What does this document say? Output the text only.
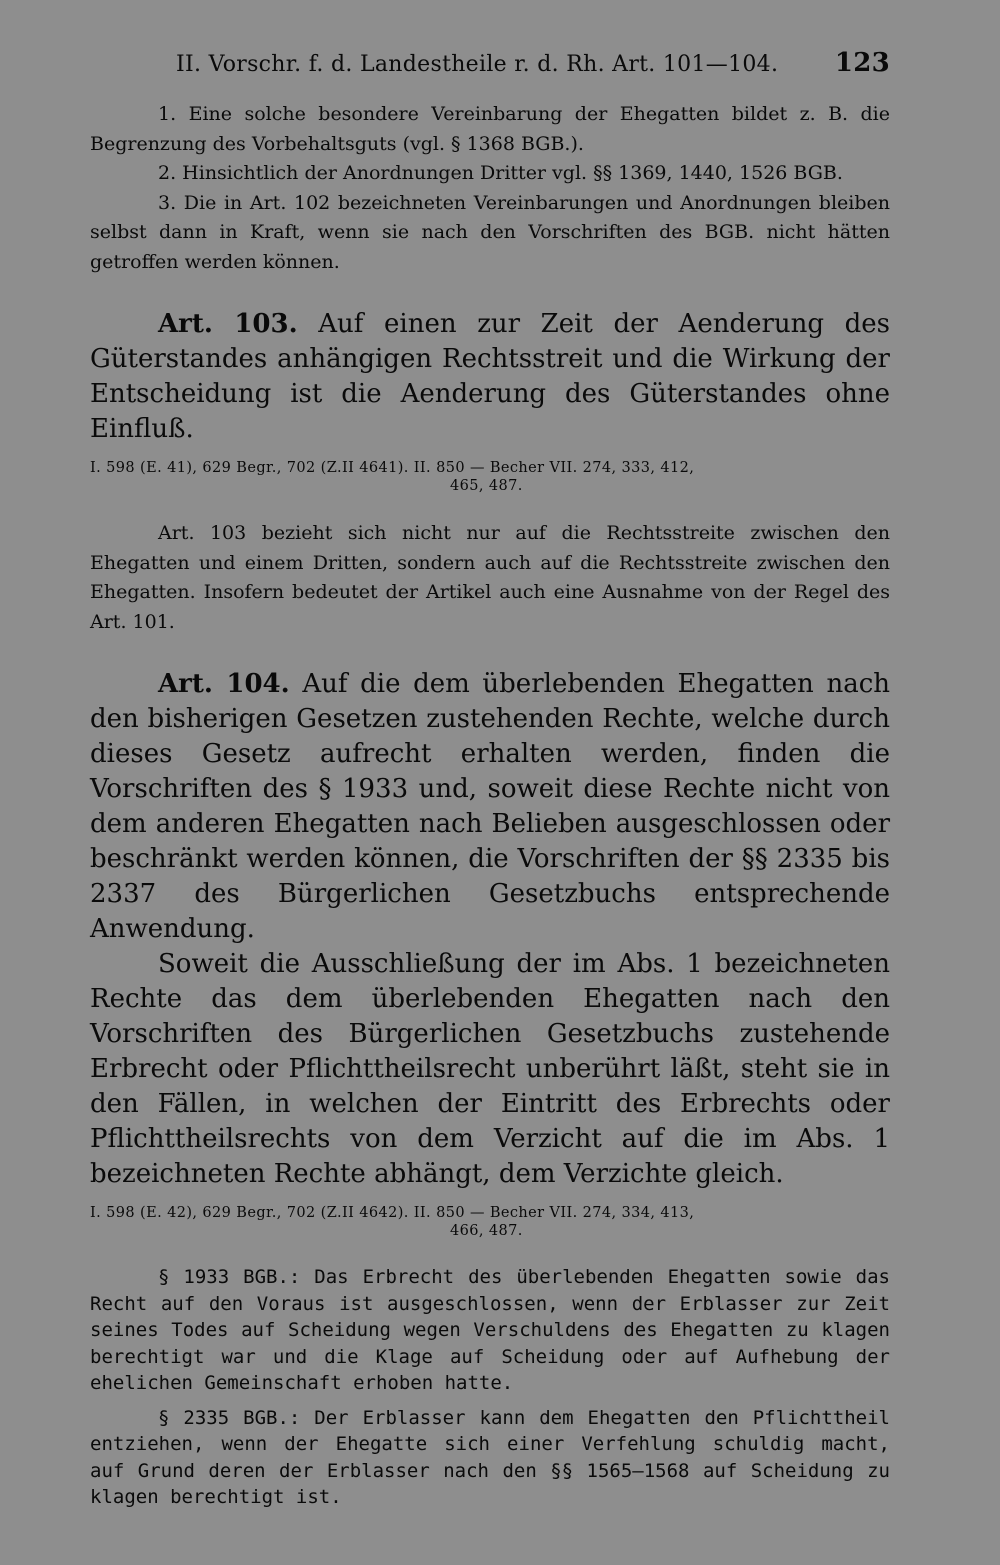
II. Vorschr. f. d. Landestheile r. d. Rh. Art. 101—104. 123

1. Eine solche besondere Vereinbarung der Ehegatten bildet z. B. die Begrenzung des Vorbehaltsguts (vgl. § 1368 BGB.).

2. Hinsichtlich der Anordnungen Dritter vgl. §§ 1369, 1440, 1526 BGB.

3. Die in Art. 102 bezeichneten Vereinbarungen und Anordnungen bleiben selbst dann in Kraft, wenn sie nach den Vorschriften des BGB. nicht hätten getroffen werden können.

Art. 103. Auf einen zur Zeit der Aenderung des Güterstandes anhängigen Rechtsstreit und die Wirkung der Entscheidung ist die Aenderung des Güterstandes ohne Einfluß.

I. 598 (E. 41), 629 Begr., 702 (Z.II 4641). II. 850 — Becher VII. 274, 333, 412,
465, 487.

Art. 103 bezieht sich nicht nur auf die Rechtsstreite zwischen den Ehegatten und einem Dritten, sondern auch auf die Rechtsstreite zwischen den Ehegatten. Insofern bedeutet der Artikel auch eine Ausnahme von der Regel des Art. 101.

Art. 104. Auf die dem überlebenden Ehegatten nach den bisherigen Gesetzen zustehenden Rechte, welche durch dieses Gesetz aufrecht erhalten werden, finden die Vorschriften des § 1933 und, soweit diese Rechte nicht von dem anderen Ehegatten nach Belieben ausgeschlossen oder beschränkt werden können, die Vorschriften der §§ 2335 bis 2337 des Bürgerlichen Gesetzbuchs entsprechende Anwendung.

Soweit die Ausschließung der im Abs. 1 bezeichneten Rechte das dem überlebenden Ehegatten nach den Vorschriften des Bürgerlichen Gesetzbuchs zustehende Erbrecht oder Pflichttheilsrecht unberührt läßt, steht sie in den Fällen, in welchen der Eintritt des Erbrechts oder Pflichttheilsrechts von dem Verzicht auf die im Abs. 1 bezeichneten Rechte abhängt, dem Verzichte gleich.

I. 598 (E. 42), 629 Begr., 702 (Z.II 4642). II. 850 — Becher VII. 274, 334, 413,
466, 487.

§ 1933 BGB.: Das Erbrecht des überlebenden Ehegatten sowie das Recht auf den Voraus ist ausgeschlossen, wenn der Erblasser zur Zeit seines Todes auf Scheidung wegen Verschuldens des Ehegatten zu klagen berechtigt war und die Klage auf Scheidung oder auf Aufhebung der ehelichen Gemeinschaft erhoben hatte.

§ 2335 BGB.: Der Erblasser kann dem Ehegatten den Pflichttheil entziehen, wenn der Ehegatte sich einer Verfehlung schuldig macht, auf Grund deren der Erblasser nach den §§ 1565—1568 auf Scheidung zu klagen berechtigt ist.
